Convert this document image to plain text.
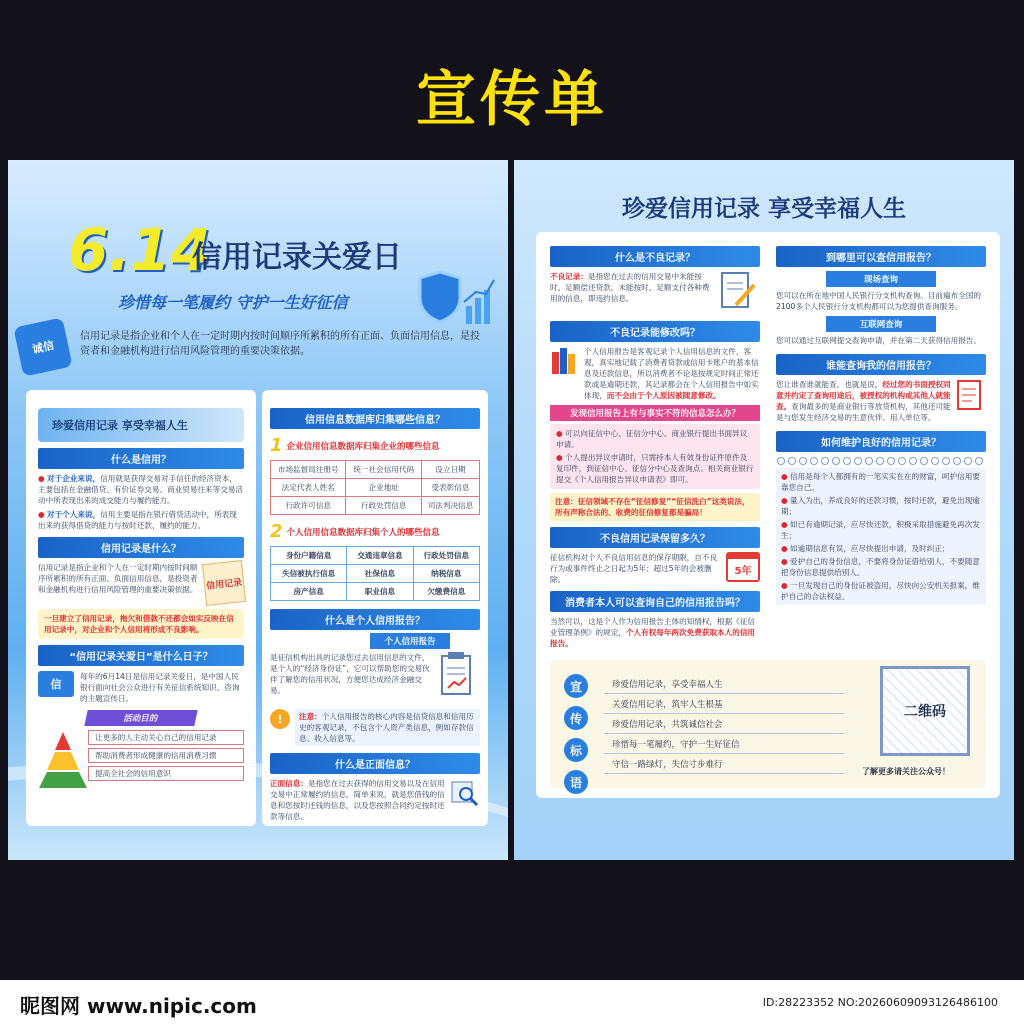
宣传单
6.14
信用记录关爱日
珍惜每一笔履约 守护一生好征信
诚信
信用记录是指企业和个人在一定时期内按时间顺序所累积的所有正面、负面信用信息，是投资者和金融机构进行信用风险管理的重要决策依据。
珍爱信用记录 享受幸福人生
什么是信用？
● 对于企业来说，信用就是获得交易对手信任的经济资本，主要包括在金融借贷、有价证券交易、商业贸易往来等交易活动中所表现出来的成交能力与履约能力。
● 对于个人来说，信用主要是指在银行借贷活动中，所表现出来的获得借贷的能力与按时还款、履约的能力。
信用记录是什么？
信用记录是指企业和个人在一定时期内按时间顺序所累积的所有正面、负面信用信息，是投资者和金融机构进行信用风险管理的重要决策依据。 信用记录
一旦建立了信用记录，拖欠和借款不还都会如实反映在信用记录中，对企业和个人信用将形成不良影响。
“信用记录关爱日”是什么日子？
信
每年的6月14日是信用记录关爱日，是中国人民银行面向社会公众进行有关征信系统知识、咨询的主题宣传日。
活动目的
让更多的人主动关心自己的信用记录
帮助消费者形成健康的信用消费习惯
提高全社会的信用意识
信用信息数据库归集哪些信息？
1 企业信用信息数据库归集企业的哪些信息
市场监督局注册号	统一社会信用代码	设立日期
法定代表人姓名	企业地址	受表彰信息
行政许可信息	行政处罚信息	司法判决信息
2 个人信用信息数据库归集个人的哪些信息
身份户籍信息	交通违章信息	行政处罚信息
失信被执行信息	社保信息	纳税信息
房产信息	职业信息	欠缴费信息
什么是个人信用报告？
个人信用报告
是征信机构出具的记录您过去信用信息的文件，是个人的“经济身份证”，它可以帮助您的交易伙伴了解您的信用状况，方便您达成经济金融交易。
!	注意：个人信用报告的核心内容是信贷信息和信用历史的客观记录，不包含个人资产类信息，例如存款信息、收入信息等。
什么是正面信息？
正面信息：是指您在过去获得的信用交易以及在信用交易中正常履约的信息，简单来说，就是您借钱的信息和您按时还钱的信息，以及您按照合同约定按时还款等信息。
珍爱信用记录 享受幸福人生
什么是不良记录？
不良记录：是指您在过去的信用交易中未能按时、足额偿还贷款，未能按时、足额支付各种费用的信息，即违约信息。
不良记录能修改吗？
个人信用报告是客观记录个人信用信息的文件，客观，真实地记载了消费者贷款或信用卡账户的基本信息及还款信息，所以消费者不论是按规定时间正常还款或是逾期还款，其记录都会在个人信用报告中如实体现，而不会由于个人原因被随意修改。
发现信用报告上有与事实不符的信息怎么办？
● 可以向征信中心、征信分中心、商业银行提出书面异议申请。
● 个人提出异议申请时，只需持本人有效身份证件原件及复印件，到征信中心、征信分中心及查询点、相关商业银行提交《个人信用报告异议申请表》即可。
注意：征信领域不存在“征信修复”“征信洗白”这类说法，所有声称合法的、收费的征信修复都是骗局！
不良信用记录保留多久？
征信机构对个人不良信用信息的保存期限，自不良行为或事件终止之日起为5年；超过5年的会被删除。
5年
消费者本人可以查询自己的信用报告吗？
当然可以，这是个人作为信用报告主体的知情权，根据《征信业管理条例》的规定，个人有权每年两次免费获取本人的信用报告。
到哪里可以查信用报告？
现场查询
您可以在所在地中国人民银行分支机构查询。目前遍布全国的2100多个人民银行分支机构都可以为您提供查询服务。
互联网查询
您可以通过互联网提交查询申请，并在第二天获得信用报告。
谁能查询我的信用报告？
您让谁查谁就能查。也就是说，经过您的书面授权同意并约定了查询用途后，被授权的机构或其他人就能查。查询最多的是商业银行等放贷机构，其他还可能是与您发生经济交易的生意伙伴、用人单位等。
如何维护良好的信用记录？
● 信用是每个人都拥有的一笔实实在在的财富，呵护信用要靠您自己。
● 量入为出，养成良好的还款习惯，按时还款，避免出现逾期；
● 如已有逾期记录，应尽快还款，积极采取措施避免再次发生；
● 如逾期信息有误，应尽快提出申请，及时纠正；
● 爱护自己的身份信息，不要将身份证借给别人，不要随意把身份信息提供给别人。
● 一旦发现自己的身份证被盗用，尽快向公安机关报案，维护自己的合法权益。
宣
传
标
语
珍爱信用记录，享受幸福人生
关爱信用记录，筑牢人生根基
珍爱信用记录，共筑诚信社会
珍惜每一笔履约，守护一生好征信
守信一路绿灯，失信寸步难行
二维码
了解更多请关注公众号！
昵图网 www.nipic.com	ID:28223352 NO:20260609093126486100
